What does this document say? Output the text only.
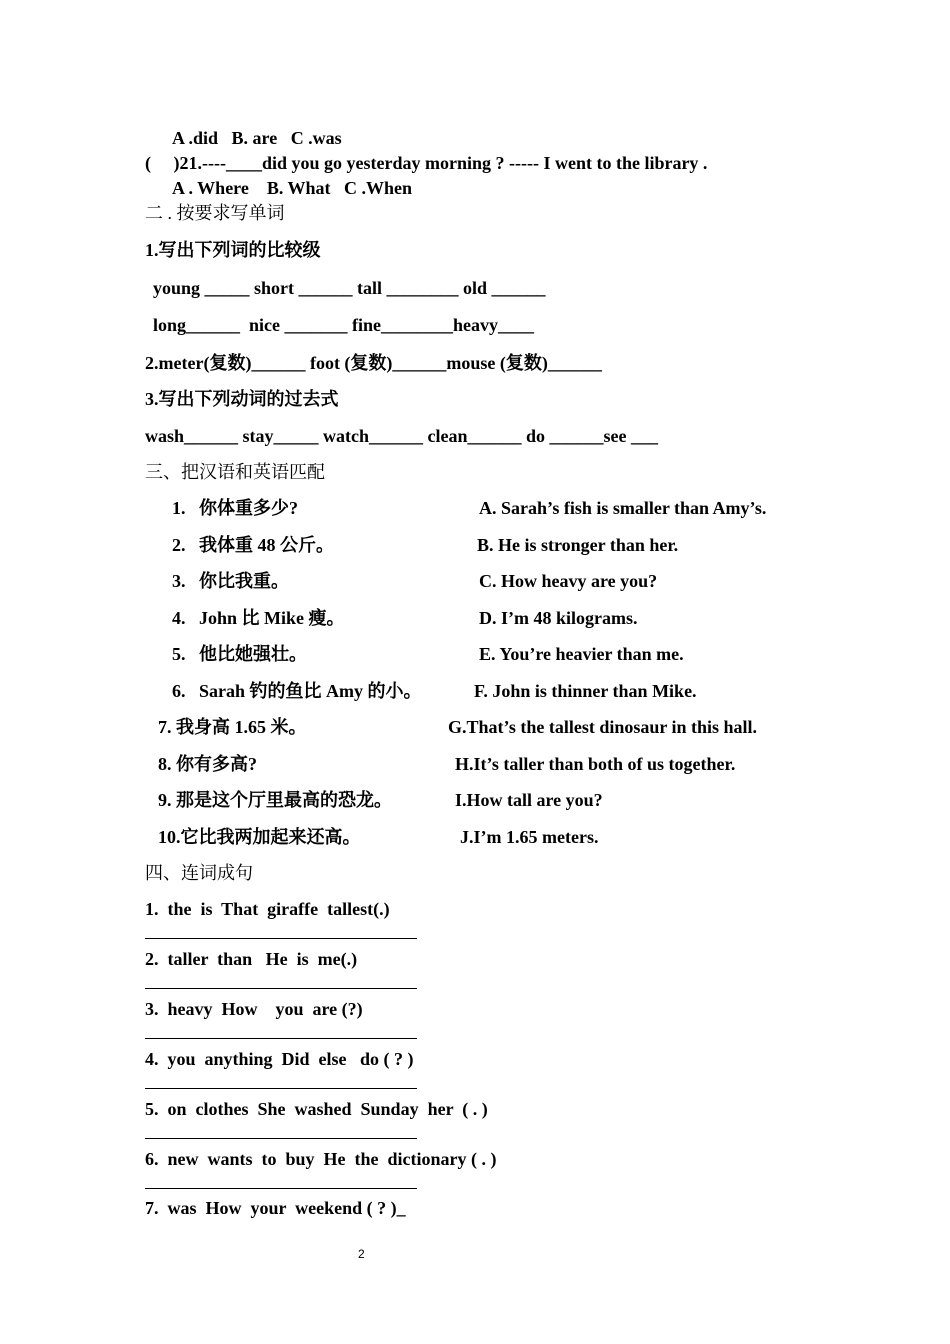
A .did   B. are   C .was

(     )21.----____did you go yesterday morning ? ----- I went to the library .

A . Where    B. What   C .When

二 . 按要求写单词

1.写出下列词的比较级

young _____ short ______ tall ________ old ______

long______  nice _______ fine________heavy____

2.meter(复数)______ foot (复数)______mouse (复数)______

3.写出下列动词的过去式

wash______ stay_____ watch______ clean______ do ______see ___

三、把汉语和英语匹配

1.   你体重多少?	A. Sarah’s fish is smaller than Amy’s.

2.   我体重 48 公斤。	B. He is stronger than her.

3.   你比我重。	C. How heavy are you?

4.   John 比 Mike 瘦。	D. I’m 48 kilograms.

5.   他比她强壮。	E. You’re heavier than me.

6.   Sarah 钓的鱼比 Amy 的小。	F. John is thinner than Mike.

7. 我身高 1.65 米。	G.That’s the tallest dinosaur in this hall.

8. 你有多高?	H.It’s taller than both of us together.

9. 那是这个厅里最高的恐龙。	I.How tall are you?

10.它比我两加起来还高。	J.I’m 1.65 meters.

四、连词成句

1.  the  is  That  giraffe  tallest(.)

2.  taller  than   He  is  me(.)

3.  heavy  How    you  are (?)

4.  you  anything  Did  else   do ( ? )

5.  on  clothes  She  washed  Sunday  her  ( . )

6.  new  wants  to  buy  He  the  dictionary ( . )

7.  was  How  your  weekend ( ? )_

2
